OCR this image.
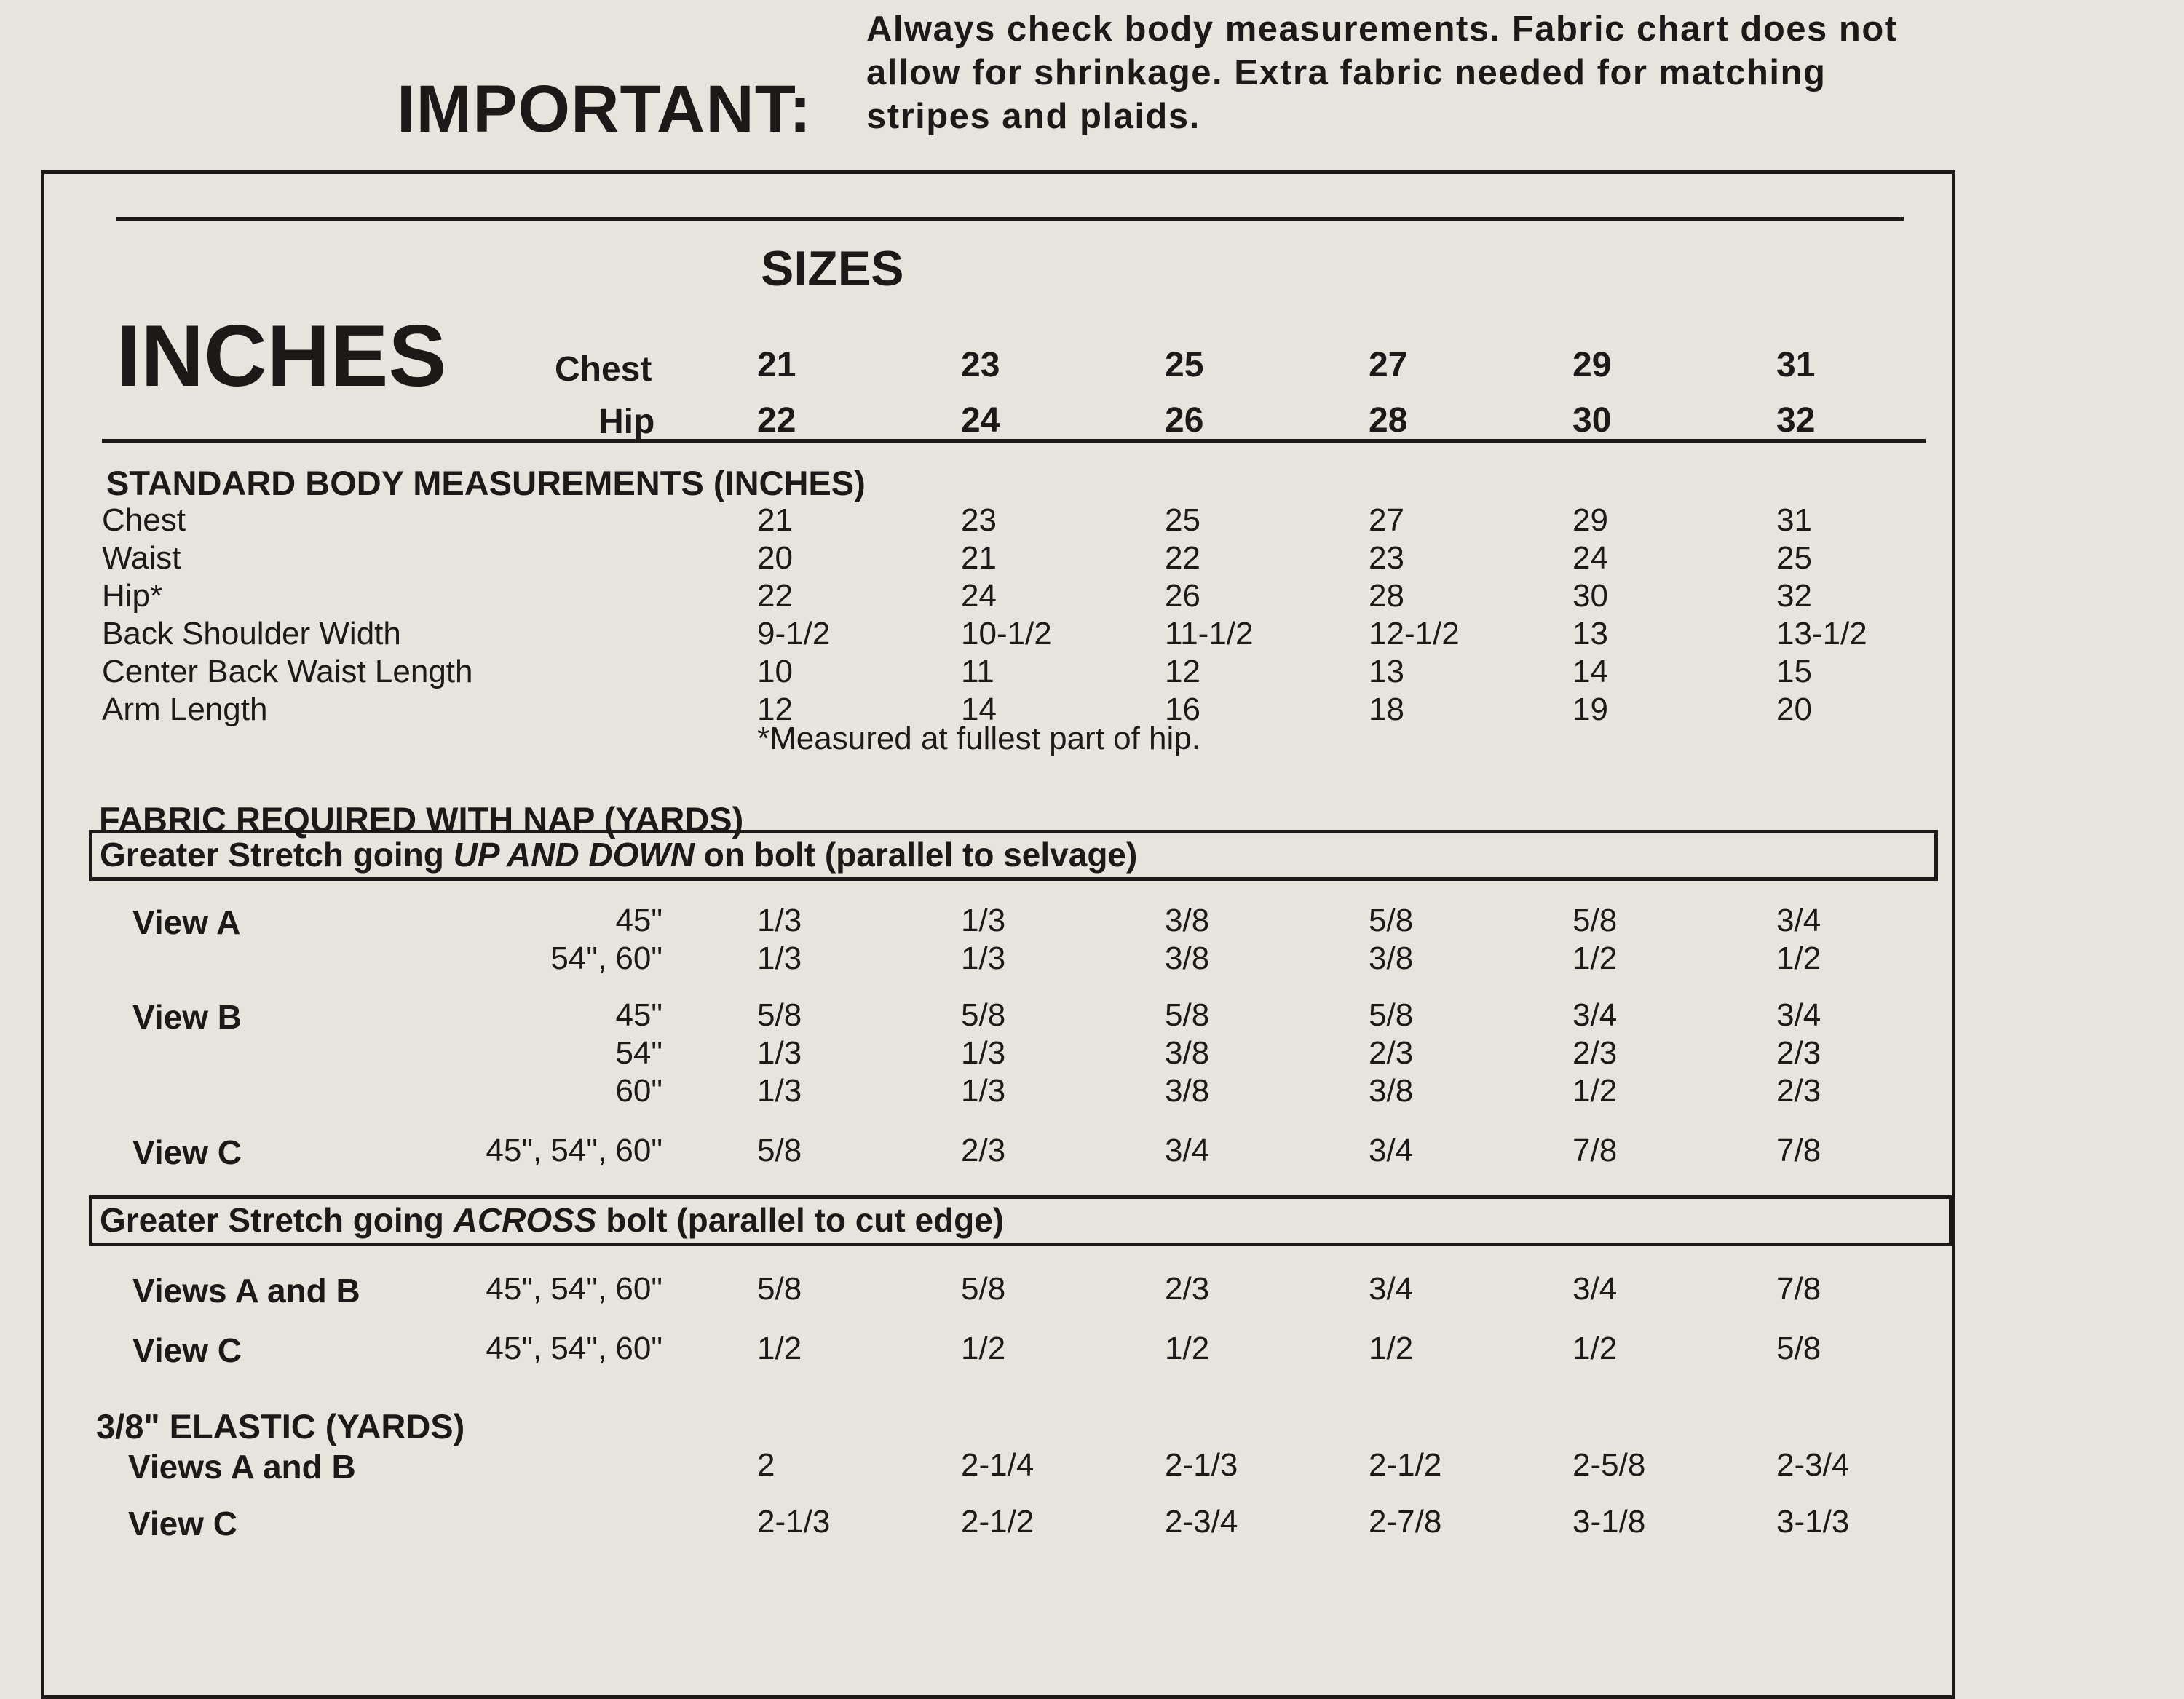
IMPORTANT:
Always check body measurements. Fabric chart does not allow for shrinkage. Extra fabric needed for matching stripes and plaids.
SIZES
INCHES	Chest
Hip
21	23	25	27	29	31
22	24	26	28	30	32
STANDARD BODY MEASUREMENTS (INCHES)
Chest	21	23	25	27	29	31
Waist	20	21	22	23	24	25
Hip*	22	24	26	28	30	32
Back Shoulder Width	9-1/2	10-1/2	11-1/2	12-1/2	13	13-1/2
Center Back Waist Length	10	11	12	13	14	15
Arm Length	12	14	16	18	19	20
*Measured at fullest part of hip.
FABRIC REQUIRED WITH NAP (YARDS)
Greater Stretch going UP AND DOWN on bolt (parallel to selvage)
View A	45"	1/3	1/3	3/8	5/8	5/8	3/4
54", 60"	1/3	1/3	3/8	3/8	1/2	1/2
View B	45"	5/8	5/8	5/8	5/8	3/4	3/4
54"	1/3	1/3	3/8	2/3	2/3	2/3
60"	1/3	1/3	3/8	3/8	1/2	2/3
View C	45", 54", 60"	5/8	2/3	3/4	3/4	7/8	7/8
Greater Stretch going ACROSS bolt (parallel to cut edge)
Views A and B	45", 54", 60"	5/8	5/8	2/3	3/4	3/4	7/8
View C	45", 54", 60"	1/2	1/2	1/2	1/2	1/2	5/8
3/8" ELASTIC (YARDS)
Views A and B	2	2-1/4	2-1/3	2-1/2	2-5/8	2-3/4
View C	2-1/3	2-1/2	2-3/4	2-7/8	3-1/8	3-1/3
